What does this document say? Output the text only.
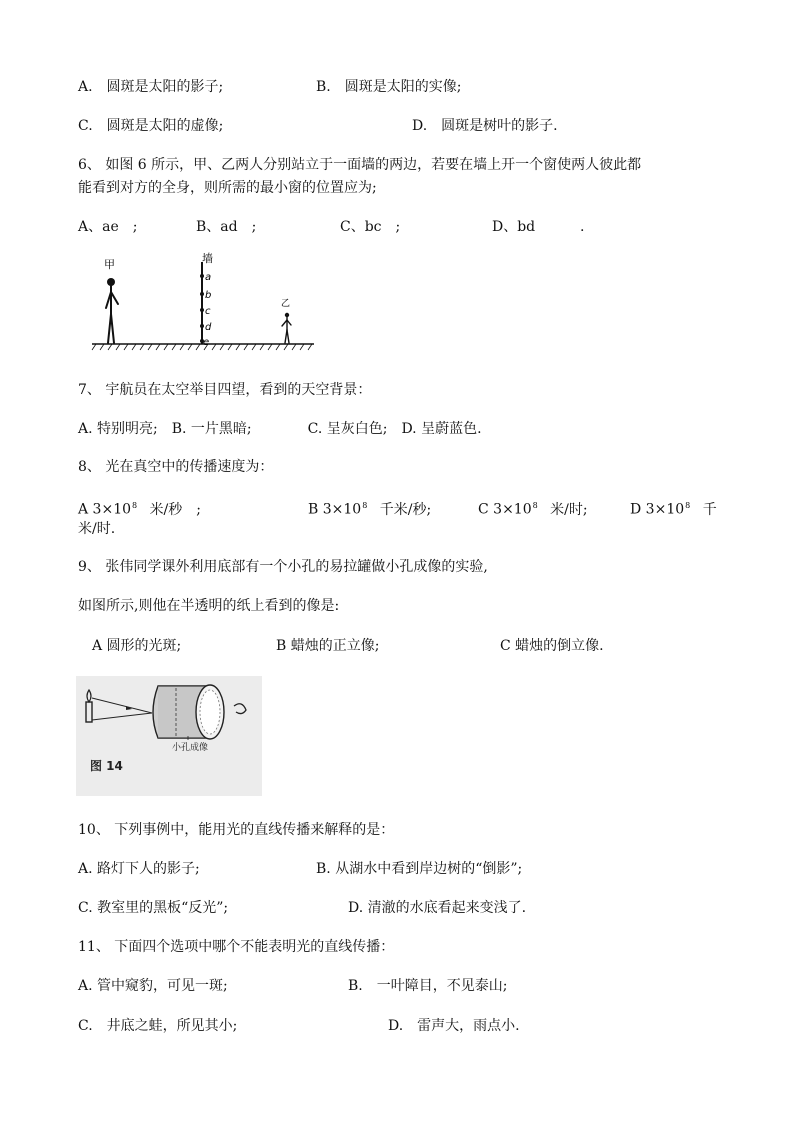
A.　圆斑是太阳的影子;	B.　圆斑是太阳的实像;
C.　圆斑是太阳的虚像;	D.　圆斑是树叶的影子.
6、 如图 6 所示，甲、乙两人分别站立于一面墙的两边，若要在墙上开一个窗使两人彼此都
能看到对方的全身，则所需的最小窗的位置应为;
A、ae　;	B、ad　;	C、bc　;	D、bd	.
甲	墙
a
b
c
d
e
乙
7、 宇航员在太空举目四望，看到的天空背景：
A. 特别明亮;　B. 一片黑暗;　　　　C. 呈灰白色;　D. 呈蔚蓝色.
8、 光在真空中的传播速度为：
A $3\times 10^8$ 米/秒　;	B $3\times 10^8$ 千米/秒;	C $3\times 10^8$ 米/时;	D $3\times 10^8$ 千
米/时.
9、 张伟同学课外利用底部有一个小孔的易拉罐做小孔成像的实验,
如图所示,则他在半透明的纸上看到的像是:
A 圆形的光斑;	B 蜡烛的正立像;	C 蜡烛的倒立像.
小孔成像
图 14
10、 下列事例中，能用光的直线传播来解释的是：
A. 路灯下人的影子;	B. 从湖水中看到岸边树的“倒影”;
C. 教室里的黑板“反光”;	D. 清澈的水底看起来变浅了.
11、 下面四个选项中哪个不能表明光的直线传播：
A. 管中窥豹，可见一斑;	B.　一叶障目，不见泰山;
C.　井底之蛙，所见其小;	D.　雷声大，雨点小.
